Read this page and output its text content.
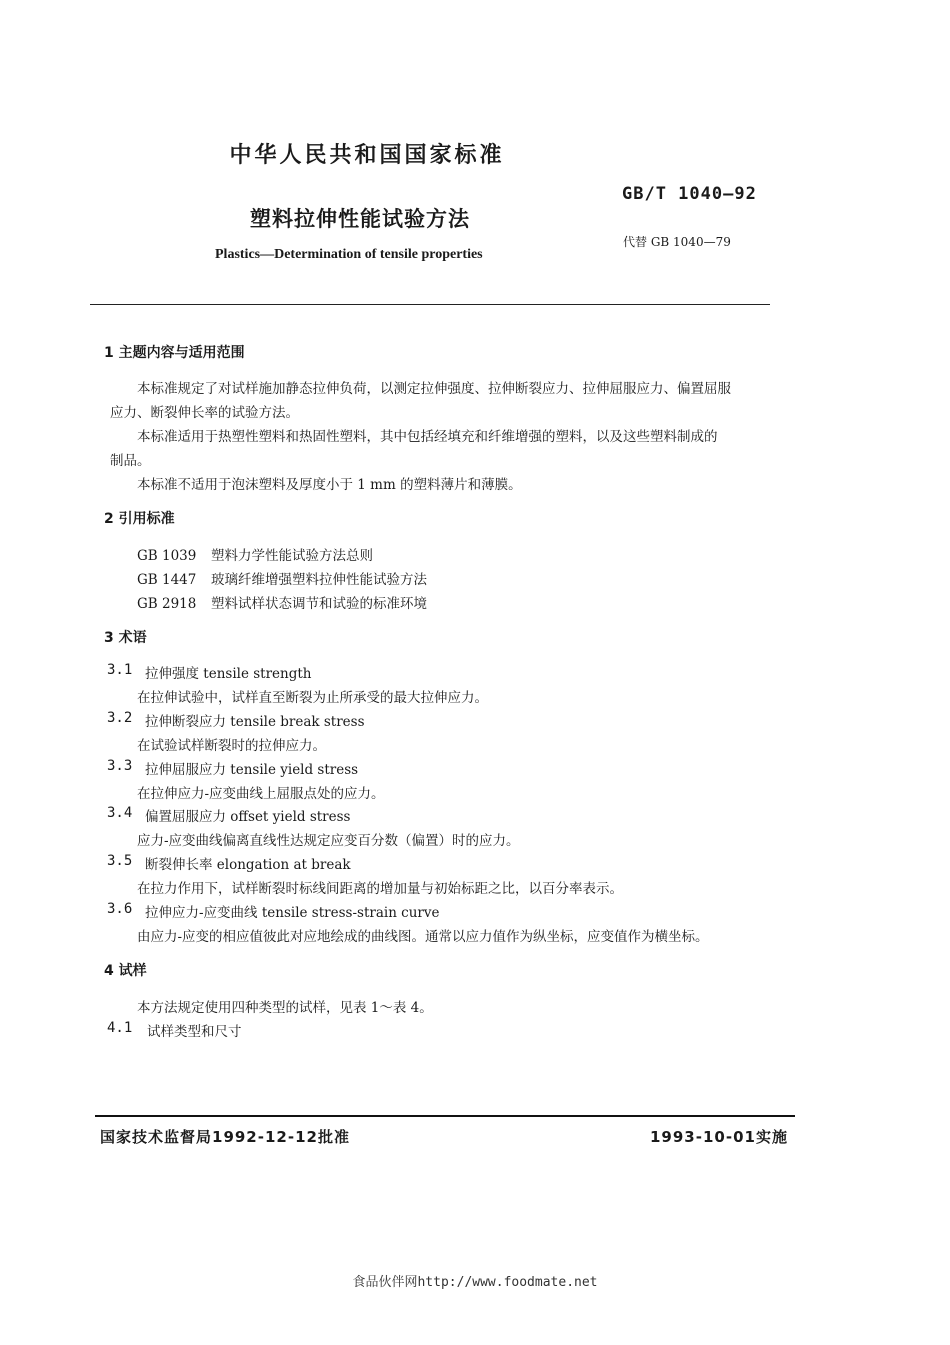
中华人民共和国国家标准
GB/T 1040—92
塑料拉伸性能试验方法
代替 GB 1040—79
Plastics—Determination of tensile properties
1 主题内容与适用范围
本标准规定了对试样施加静态拉伸负荷，以测定拉伸强度、拉伸断裂应力、拉伸屈服应力、偏置屈服
应力、断裂伸长率的试验方法。
本标准适用于热塑性塑料和热固性塑料，其中包括经填充和纤维增强的塑料，以及这些塑料制成的
制品。
本标准不适用于泡沫塑料及厚度小于 1 mm 的塑料薄片和薄膜。
2 引用标准
GB 1039 塑料力学性能试验方法总则
GB 1447 玻璃纤维增强塑料拉伸性能试验方法
GB 2918 塑料试样状态调节和试验的标准环境
3 术语
3.1 拉伸强度 tensile strength
在拉伸试验中，试样直至断裂为止所承受的最大拉伸应力。
3.2 拉伸断裂应力 tensile break stress
在试验试样断裂时的拉伸应力。
3.3 拉伸屈服应力 tensile yield stress
在拉伸应力-应变曲线上屈服点处的应力。
3.4 偏置屈服应力 offset yield stress
应力-应变曲线偏离直线性达规定应变百分数（偏置）时的应力。
3.5 断裂伸长率 elongation at break
在拉力作用下，试样断裂时标线间距离的增加量与初始标距之比，以百分率表示。
3.6 拉伸应力-应变曲线 tensile stress-strain curve
由应力-应变的相应值彼此对应地绘成的曲线图。通常以应力值作为纵坐标，应变值作为横坐标。
4 试样
本方法规定使用四种类型的试样，见表 1～表 4。
4.1 试样类型和尺寸
国家技术监督局1992-12-12批准	1993-10-01实施
食品伙伴网http://www.foodmate.net
